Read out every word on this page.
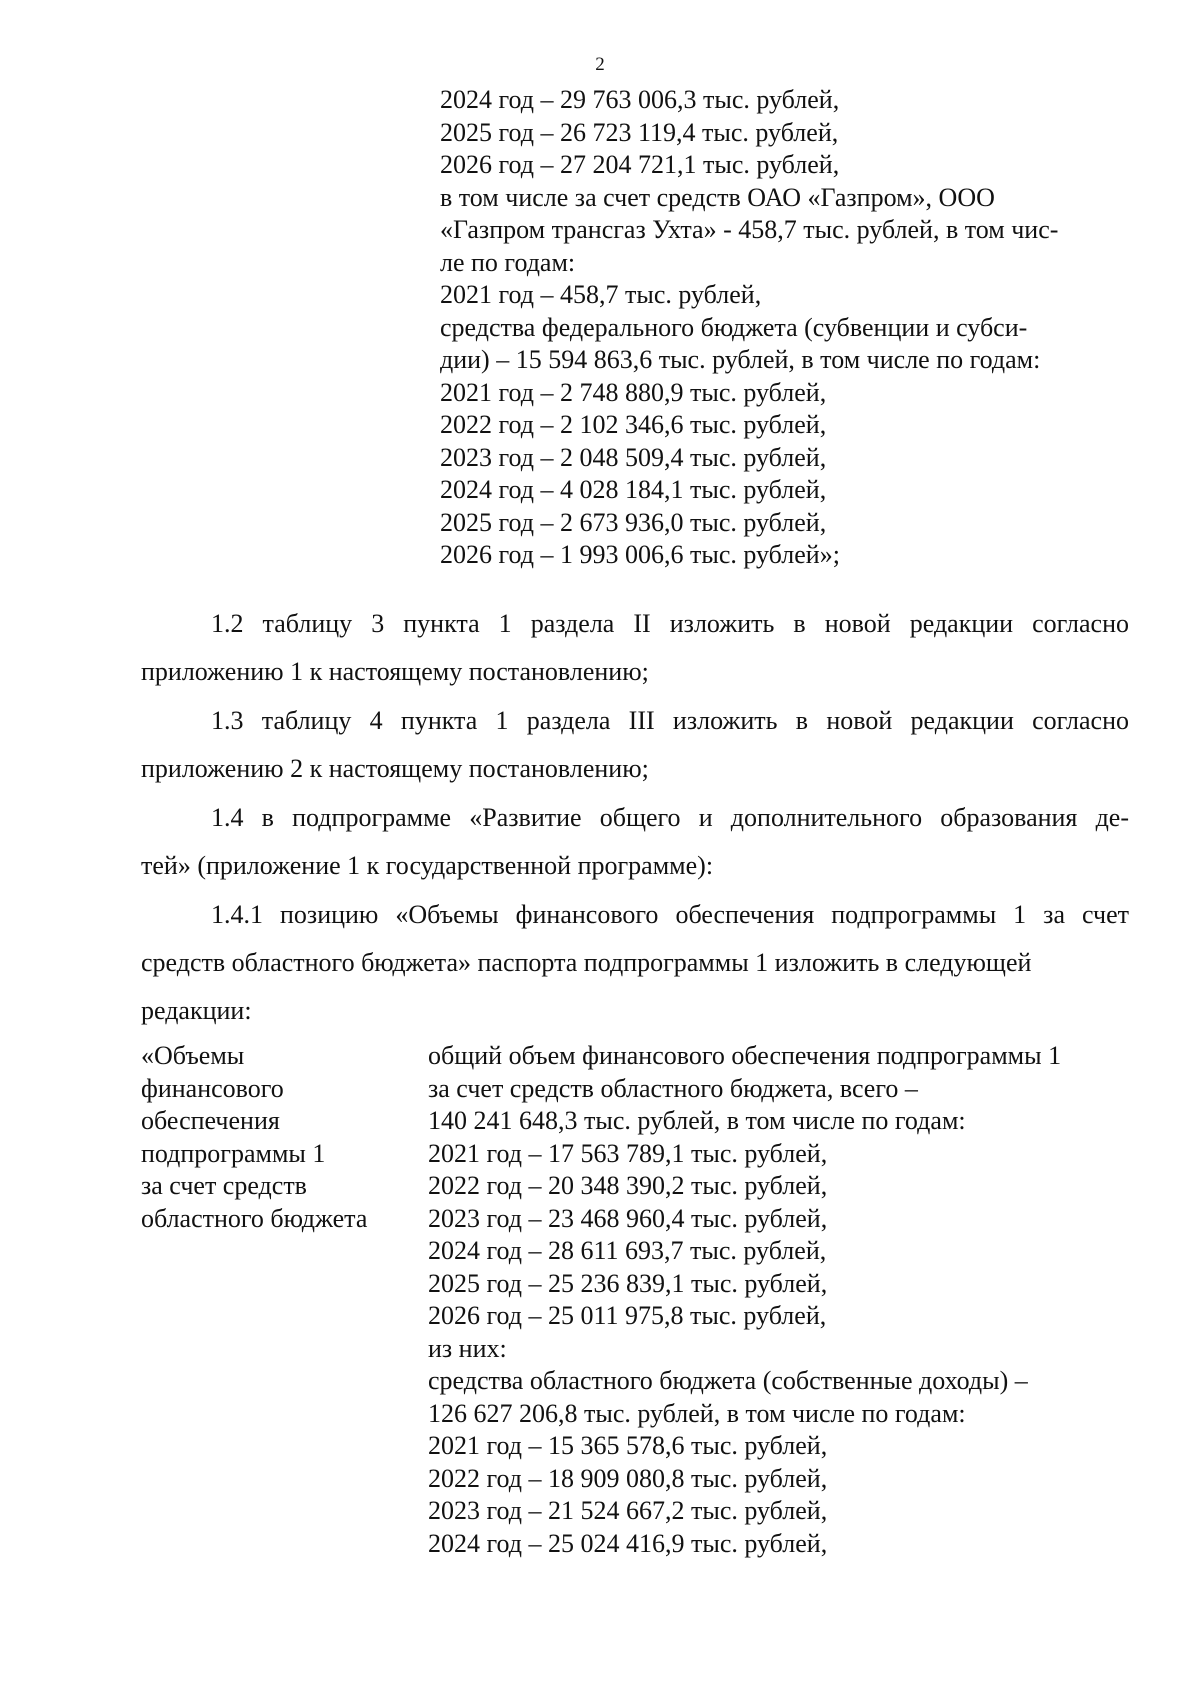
2
2024 год – 29 763 006,3 тыс. рублей,
2025 год – 26 723 119,4 тыс. рублей,
2026 год – 27 204 721,1 тыс. рублей,
в том числе за счет средств ОАО «Газпром», ООО
«Газпром трансгаз Ухта» - 458,7 тыс. рублей, в том чис-
ле по годам:
2021 год – 458,7 тыс. рублей,
средства федерального бюджета (субвенции и субси-
дии) – 15 594 863,6 тыс. рублей, в том числе по годам:
2021 год – 2 748 880,9 тыс. рублей,
2022 год – 2 102 346,6 тыс. рублей,
2023 год – 2 048 509,4 тыс. рублей,
2024 год – 4 028 184,1 тыс. рублей,
2025 год – 2 673 936,0 тыс. рублей,
2026 год – 1 993 006,6 тыс. рублей»;
1.2 таблицу 3 пункта 1 раздела II изложить в новой редакции согласно
приложению 1 к настоящему постановлению;
1.3 таблицу 4 пункта 1 раздела III изложить в новой редакции согласно
приложению 2 к настоящему постановлению;
1.4 в подпрограмме «Развитие общего и дополнительного образования де-
тей» (приложение 1 к государственной программе):
1.4.1 позицию «Объемы финансового обеспечения подпрограммы 1 за счет
средств областного бюджета» паспорта подпрограммы 1 изложить в следующей
редакции:
«Объемы
финансового
обеспечения
подпрограммы 1
за счет средств
областного бюджета
общий объем финансового обеспечения подпрограммы 1
за счет средств областного бюджета, всего –
140 241 648,3 тыс. рублей, в том числе по годам:
2021 год – 17 563 789,1 тыс. рублей,
2022 год – 20 348 390,2 тыс. рублей,
2023 год – 23 468 960,4 тыс. рублей,
2024 год – 28 611 693,7 тыс. рублей,
2025 год – 25 236 839,1 тыс. рублей,
2026 год – 25 011 975,8 тыс. рублей,
из них:
средства областного бюджета (собственные доходы) –
126 627 206,8 тыс. рублей, в том числе по годам:
2021 год – 15 365 578,6 тыс. рублей,
2022 год – 18 909 080,8 тыс. рублей,
2023 год – 21 524 667,2 тыс. рублей,
2024 год – 25 024 416,9 тыс. рублей,
